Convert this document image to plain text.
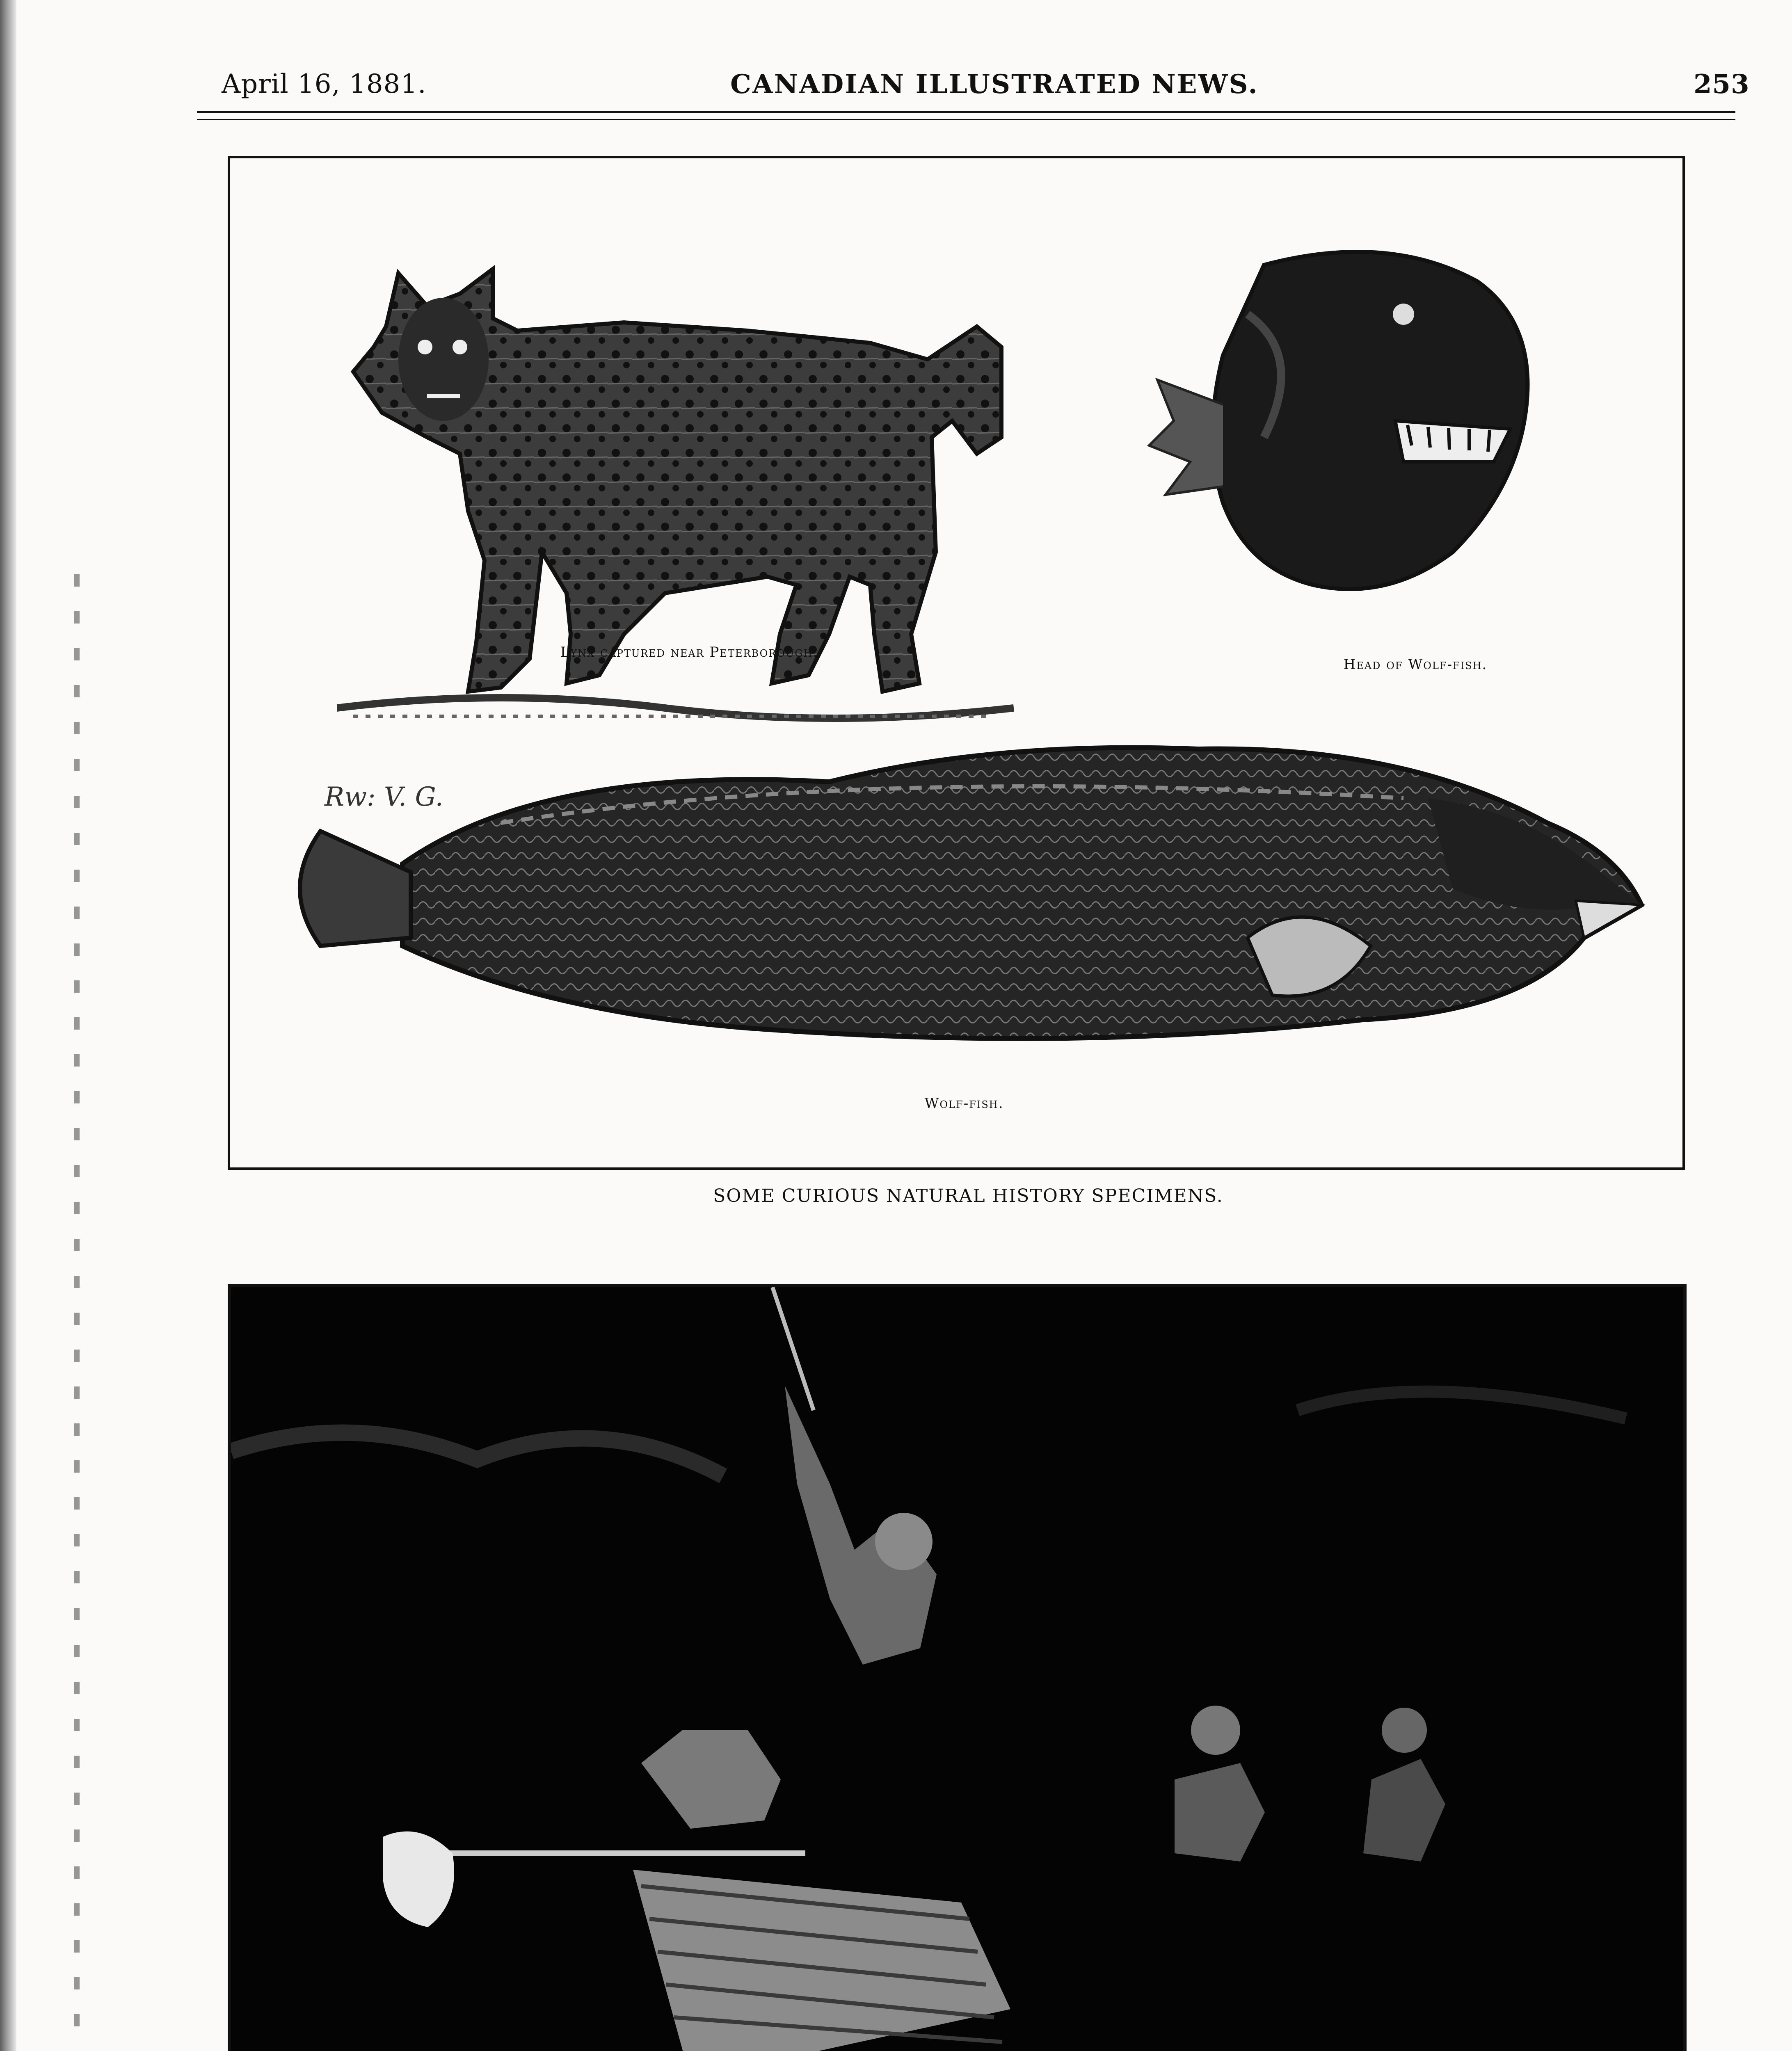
April 16, 1881.	CANADIAN ILLUSTRATED NEWS.	253
Rw: V. G.
Lynx captured near Peterborough.
Head of Wolf-fish.
Wolf-fish.
SOME CURIOUS NATURAL HISTORY SPECIMENS.
